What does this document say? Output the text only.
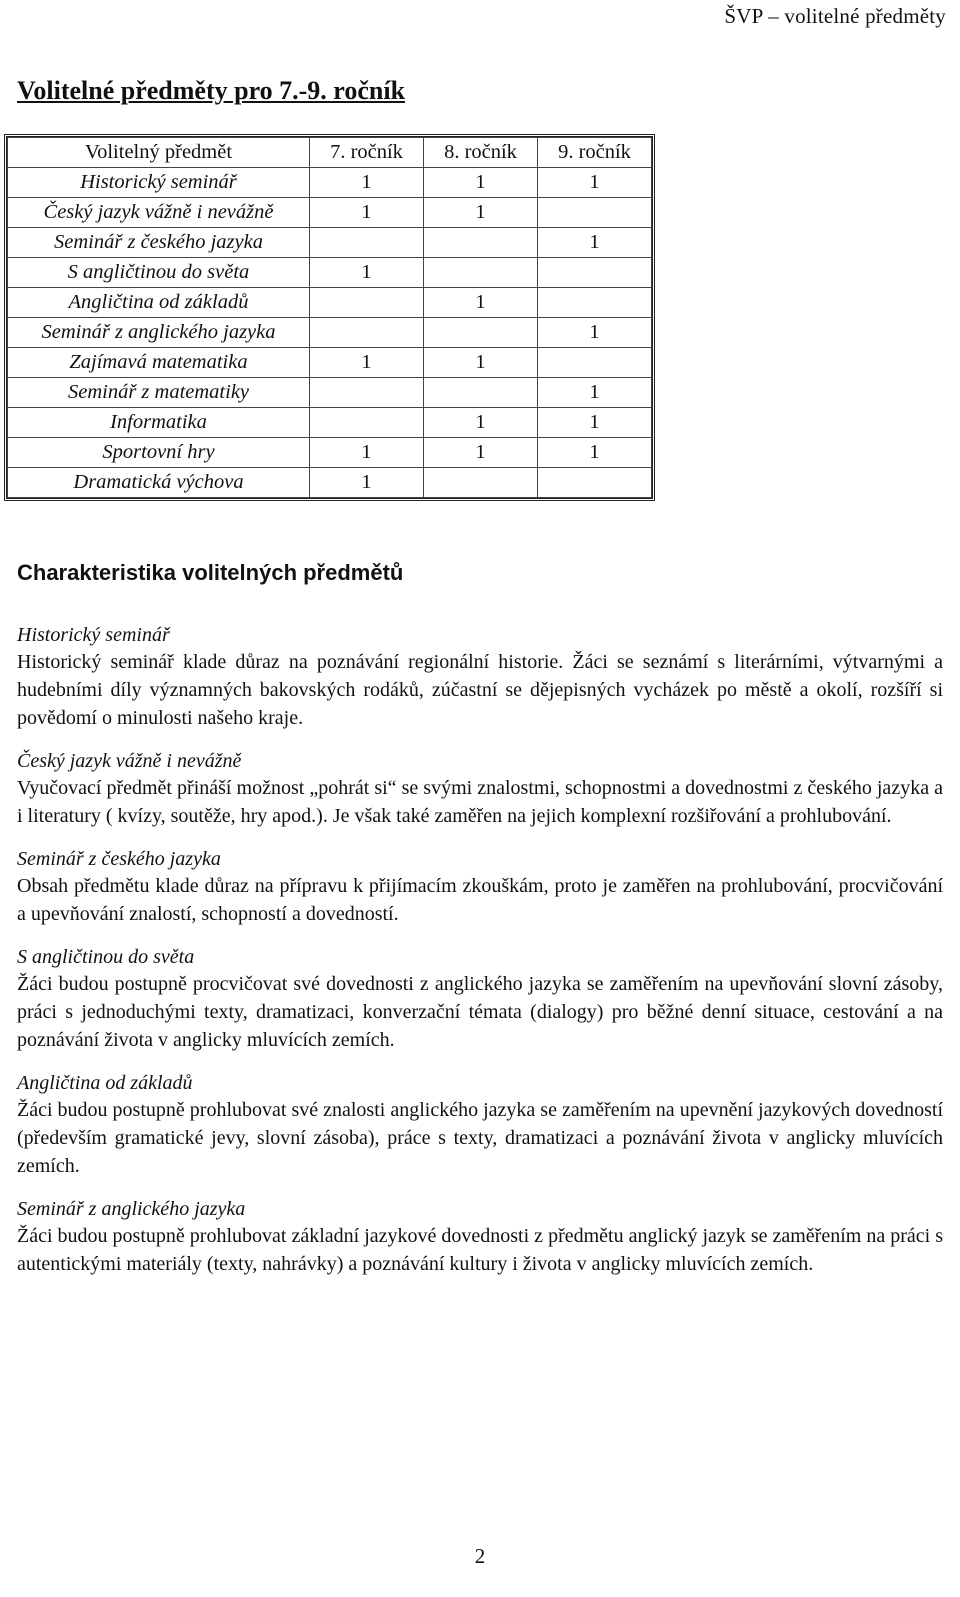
ŠVP – volitelné předměty
Volitelné předměty pro 7.-9. ročník
Volitelný předmět	7. ročník	8. ročník	9. ročník
Historický seminář	1	1	1
Český jazyk vážně i nevážně	1	1	
Seminář z českého jazyka			1
S angličtinou do světa	1		
Angličtina od základů		1	
Seminář z anglického jazyka			1
Zajímavá matematika	1	1	
Seminář z matematiky			1
Informatika		1	1
Sportovní hry	1	1	1
Dramatická výchova	1		
Charakteristika volitelných předmětů
Historický seminář
Historický seminář klade důraz na poznávání regionální historie. Žáci se seznámí s literárními, výtvarnými a hudebními díly významných bakovských rodáků, zúčastní se dějepisných vycházek po městě a okolí, rozšíří si povědomí o minulosti našeho kraje.
Český jazyk vážně i nevážně
Vyučovací předmět přináší možnost „pohrát si“ se svými znalostmi, schopnostmi a dovednostmi z českého jazyka a i literatury ( kvízy, soutěže, hry apod.). Je však také zaměřen na jejich komplexní rozšiřování a prohlubování.
Seminář z českého jazyka
Obsah předmětu klade důraz na přípravu k přijímacím zkouškám, proto je zaměřen na prohlubování, procvičování a upevňování znalostí, schopností a dovedností.
S angličtinou do světa
Žáci budou postupně procvičovat své dovednosti z anglického jazyka se zaměřením na upevňování slovní zásoby, práci s jednoduchými texty, dramatizaci, konverzační témata (dialogy) pro běžné denní situace, cestování a na poznávání života v anglicky mluvících zemích.
Angličtina od základů
Žáci budou postupně prohlubovat své znalosti anglického jazyka se zaměřením na upevnění jazykových dovedností (především gramatické jevy, slovní zásoba), práce s texty, dramatizaci a poznávání života v anglicky mluvících zemích.
Seminář z anglického jazyka
Žáci budou postupně prohlubovat základní jazykové dovednosti z předmětu anglický jazyk se zaměřením na práci s autentickými materiály (texty, nahrávky) a poznávání kultury i života v anglicky mluvících zemích.
2
